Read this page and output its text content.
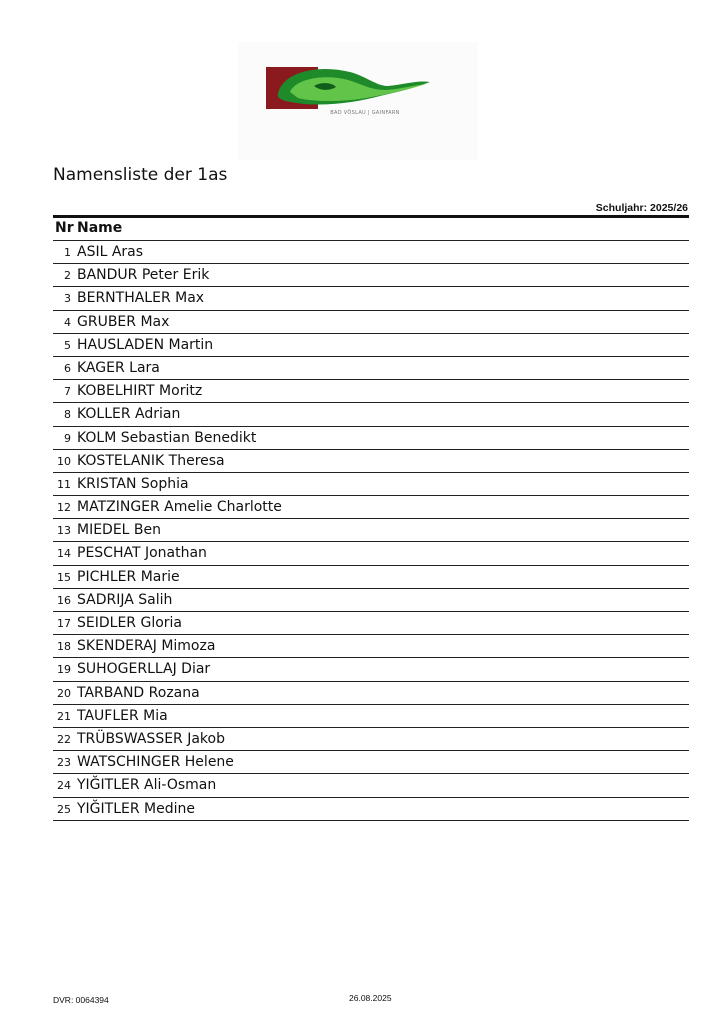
BAD VÖSLAU | GAINFARN
Namensliste der 1as
Schuljahr: 2025/26
Nr Name
1 ASIL Aras
2 BANDUR Peter Erik
3 BERNTHALER Max
4 GRUBER Max
5 HAUSLADEN Martin
6 KAGER Lara
7 KOBELHIRT Moritz
8 KOLLER Adrian
9 KOLM Sebastian Benedikt
10 KOSTELANIK Theresa
11 KRISTAN Sophia
12 MATZINGER Amelie Charlotte
13 MIEDEL Ben
14 PESCHAT Jonathan
15 PICHLER Marie
16 SADRIJA Salih
17 SEIDLER Gloria
18 SKENDERAJ Mimoza
19 SUHOGERLLAJ Diar
20 TARBAND Rozana
21 TAUFLER Mia
22 TRÜBSWASSER Jakob
23 WATSCHINGER Helene
24 YIĞITLER Ali-Osman
25 YIĞITLER Medine
DVR: 0064394	26.08.2025
